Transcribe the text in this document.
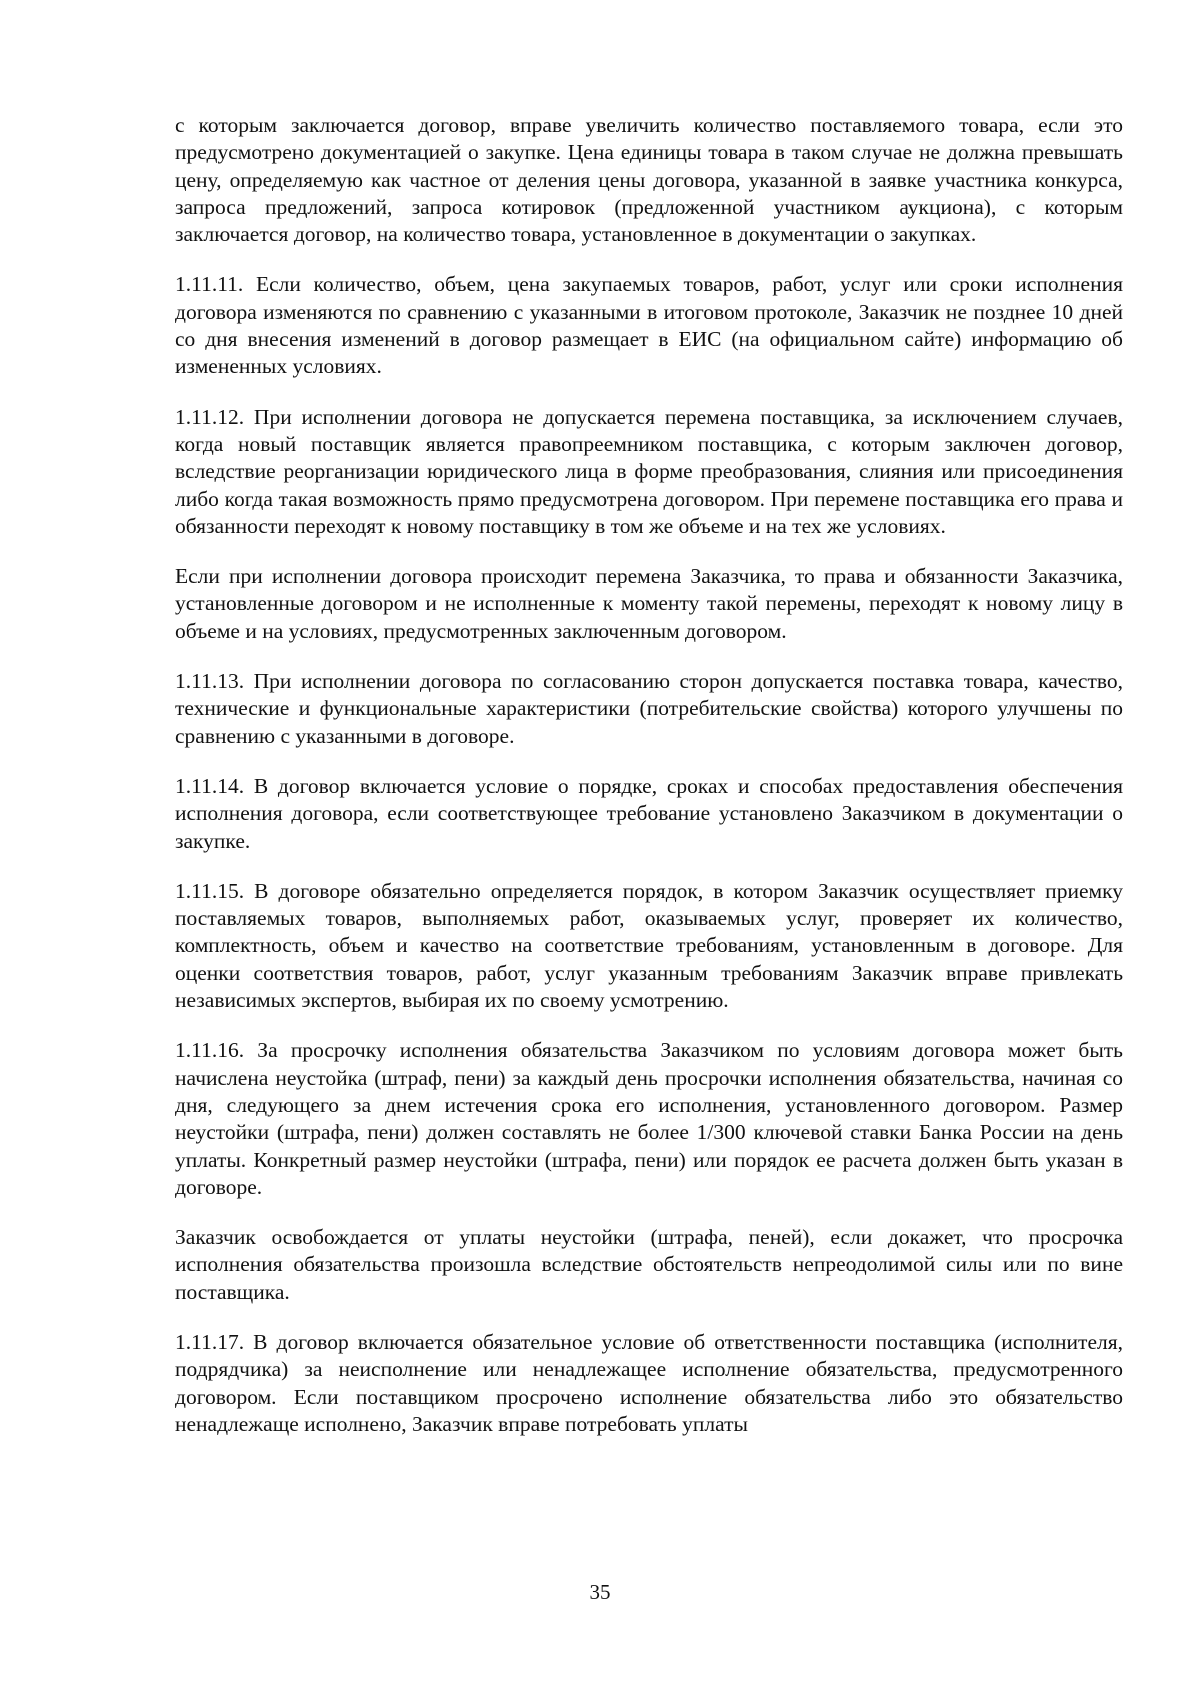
с которым заключается договор, вправе увеличить количество поставляемого товара, если это предусмотрено документацией о закупке. Цена единицы товара в таком случае не должна превышать цену, определяемую как частное от деления цены договора, указанной в заявке участника конкурса, запроса предложений, запроса котировок (предложенной участником аукциона), с которым заключается договор, на количество товара, установленное в документации о закупках.

1.11.11. Если количество, объем, цена закупаемых товаров, работ, услуг или сроки исполнения договора изменяются по сравнению с указанными в итоговом протоколе, Заказчик не позднее 10 дней со дня внесения изменений в договор размещает в ЕИС (на официальном сайте) информацию об измененных условиях.

1.11.12. При исполнении договора не допускается перемена поставщика, за исключением случаев, когда новый поставщик является правопреемником поставщика, с которым заключен договор, вследствие реорганизации юридического лица в форме преобразования, слияния или присоединения либо когда такая возможность прямо предусмотрена договором. При перемене поставщика его права и обязанности переходят к новому поставщику в том же объеме и на тех же условиях.

Если при исполнении договора происходит перемена Заказчика, то права и обязанности Заказчика, установленные договором и не исполненные к моменту такой перемены, переходят к новому лицу в объеме и на условиях, предусмотренных заключенным договором.

1.11.13. При исполнении договора по согласованию сторон допускается поставка товара, качество, технические и функциональные характеристики (потребительские свойства) которого улучшены по сравнению с указанными в договоре.

1.11.14. В договор включается условие о порядке, сроках и способах предоставления обеспечения исполнения договора, если соответствующее требование установлено Заказчиком в документации о закупке.

1.11.15. В договоре обязательно определяется порядок, в котором Заказчик осуществляет приемку поставляемых товаров, выполняемых работ, оказываемых услуг, проверяет их количество, комплектность, объем и качество на соответствие требованиям, установленным в договоре. Для оценки соответствия товаров, работ, услуг указанным требованиям Заказчик вправе привлекать независимых экспертов, выбирая их по своему усмотрению.

1.11.16. За просрочку исполнения обязательства Заказчиком по условиям договора может быть начислена неустойка (штраф, пени) за каждый день просрочки исполнения обязательства, начиная со дня, следующего за днем истечения срока его исполнения, установленного договором. Размер неустойки (штрафа, пени) должен составлять не более 1/300 ключевой ставки Банка России на день уплаты. Конкретный размер неустойки (штрафа, пени) или порядок ее расчета должен быть указан в договоре.

Заказчик освобождается от уплаты неустойки (штрафа, пеней), если докажет, что просрочка исполнения обязательства произошла вследствие обстоятельств непреодолимой силы или по вине поставщика.

1.11.17. В договор включается обязательное условие об ответственности поставщика (исполнителя, подрядчика) за неисполнение или ненадлежащее исполнение обязательства, предусмотренного договором. Если поставщиком просрочено исполнение обязательства либо это обязательство ненадлежаще исполнено, Заказчик вправе потребовать уплаты

35
